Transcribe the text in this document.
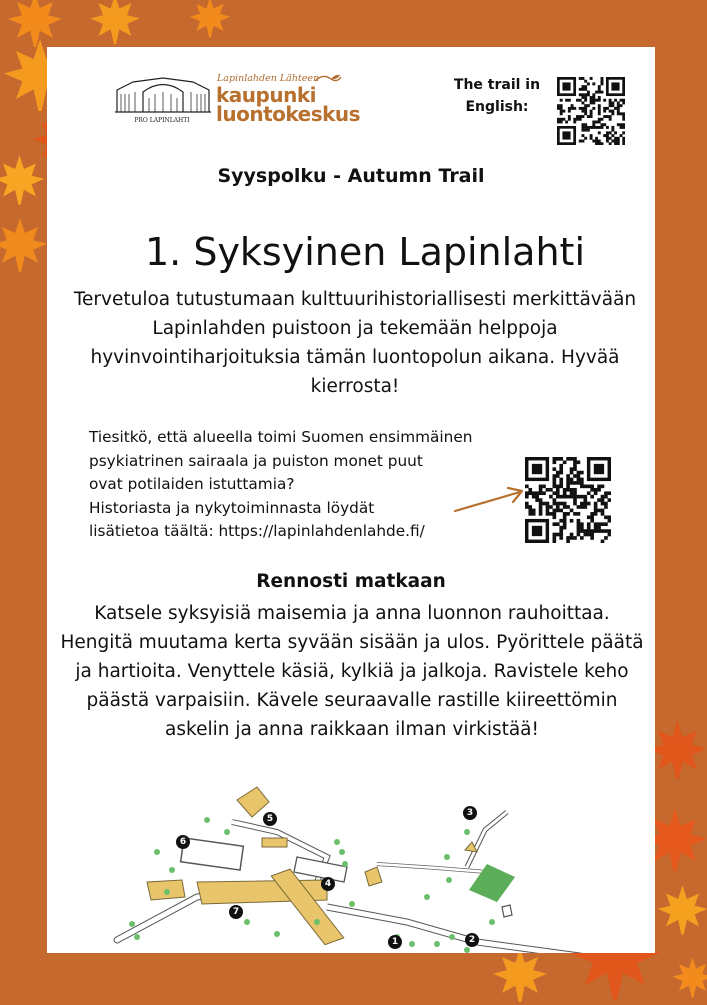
PRO LAPINLAHTI
Lapinlahden Lähteen
kaupunki
luontokeskus
The trail in
English:
Syyspolku - Autumn Trail
1. Syksyinen Lapinlahti
Tervetuloa tutustumaan kulttuurihistoriallisesti merkittävään Lapinlahden puistoon ja tekemään helppoja hyvinvointiharjoituksia tämän luontopolun aikana. Hyvää kierrosta!
Tiesitkö, että alueella toimi Suomen ensimmäinen
psykiatrinen sairaala ja puiston monet puut
ovat potilaiden istuttamia?
Historiasta ja nykytoiminnasta löydät
lisätietoa täältä: https://lapinlahdenlahde.fi/
Rennosti matkaan
Katsele syksyisiä maisemia ja anna luonnon rauhoittaa. Hengitä muutama kerta syvään sisään ja ulos. Pyörittele päätä ja hartioita. Venyttele käsiä, kylkiä ja jalkoja. Ravistele keho päästä varpaisiin. Kävele seuraavalle rastille kiireettömin askelin ja anna raikkaan ilman virkistää!
1	2
3
4
5
6
7
